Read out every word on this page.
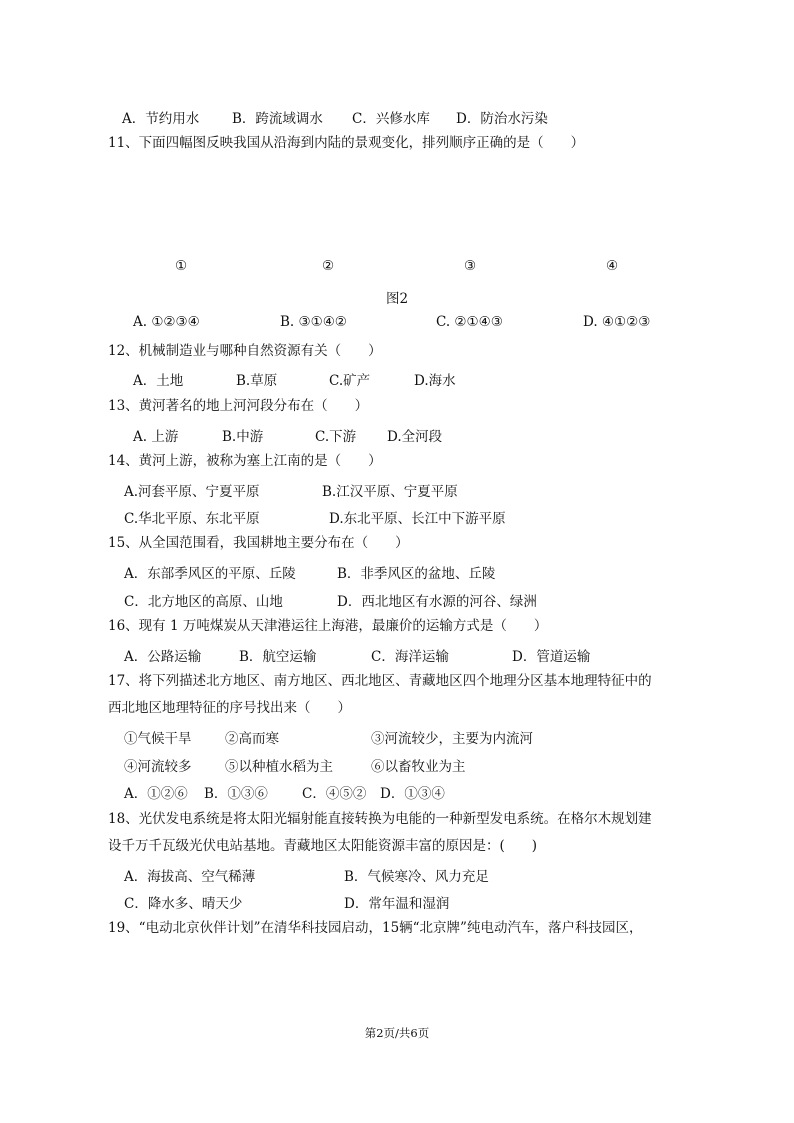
A．节约用水 B．跨流域调水 C．兴修水库 D．防治水污染
11、下面四幅图反映我国从沿海到内陆的景观变化，排列顺序正确的是（　　）
①	②	③	④
图2
A. ①②③④	B. ③①④②	C. ②①④③	D. ④①②③
12、机械制造业与哪种自然资源有关（　　）
A．土地	B.草原	C.矿产	D.海水
13、黄河著名的地上河河段分布在（　　）
A. 上游	B.中游	C.下游 D.全河段
14、黄河上游，被称为塞上江南的是（　　）
A.河套平原、宁夏平原	B.江汉平原、宁夏平原
C.华北平原、东北平原	D.东北平原、长江中下游平原
15、从全国范围看，我国耕地主要分布在（　　）
A．东部季风区的平原、丘陵	B．非季风区的盆地、丘陵
C．北方地区的高原、山地	D．西北地区有水源的河谷、绿洲
16、现有 1 万吨煤炭从天津港运往上海港，最廉价的运输方式是（　　）
A．公路运输	B．航空运输	C．海洋运输	D．管道运输
17、将下列描述北方地区、南方地区、西北地区、青藏地区四个地理分区基本地理特征中的
西北地区地理特征的序号找出来（　　）
①气候干旱 ②高而寒	③河流较少，主要为内流河
④河流较多 ⑤以种植水稻为主	⑥以畜牧业为主
A．①②⑥ B．①③⑥	C．④⑤② D．①③④
18、光伏发电系统是将太阳光辐射能直接转换为电能的一种新型发电系统。在格尔木规划建
设千万千瓦级光伏电站基地。青藏地区太阳能资源丰富的原因是：(　　)
A．海拔高、空气稀薄	B．气候寒冷、风力充足
C．降水多、晴天少	D．常年温和湿润
19、“电动北京伙伴计划”在清华科技园启动，15辆“北京牌”纯电动汽车，落户科技园区，
第2页/共6页
